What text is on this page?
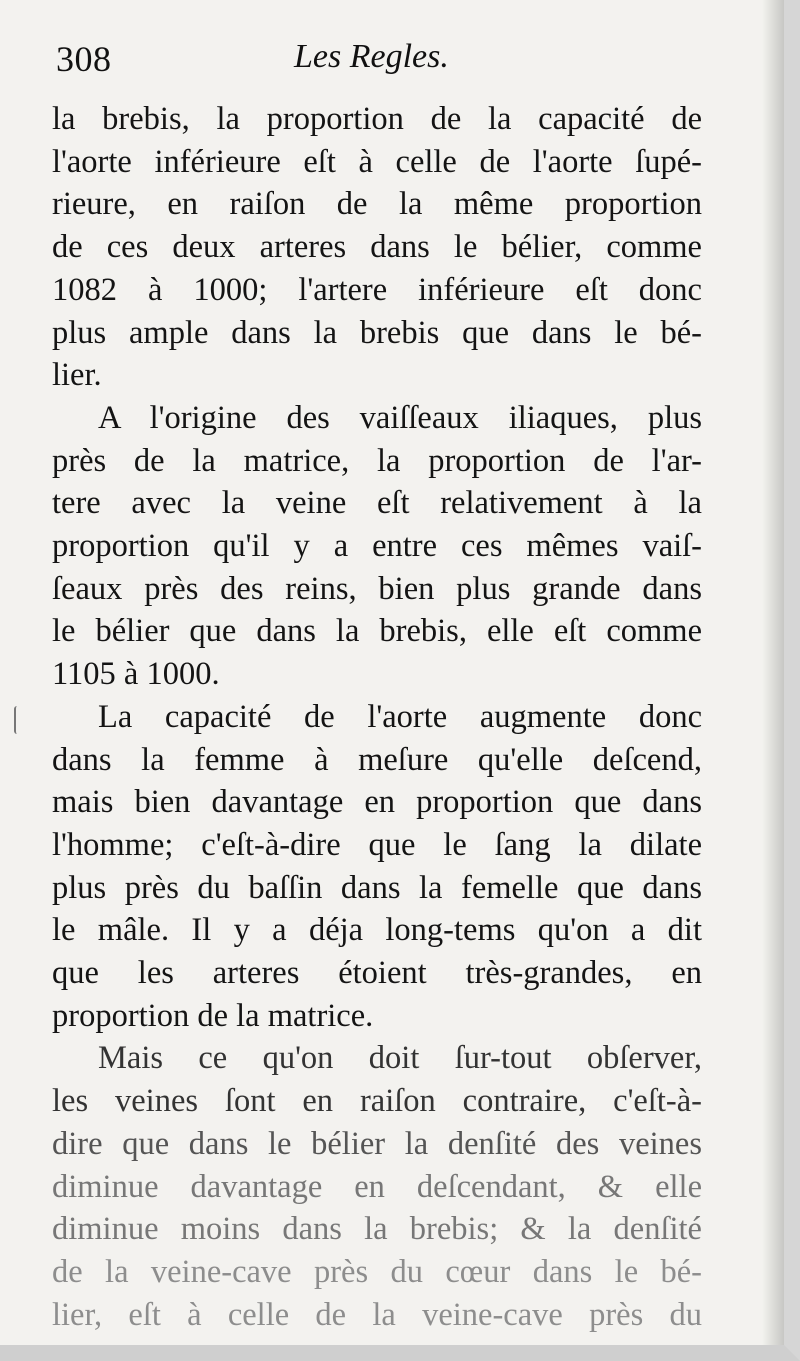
308	Les Regles.
la brebis, la proportion de la capacité de
l'aorte inférieure eſt à celle de l'aorte ſupé-
rieure, en raiſon de la même proportion
de ces deux arteres dans le bélier, comme
1082 à 1000; l'artere inférieure eſt donc
plus ample dans la brebis que dans le bé-
lier.
A l'origine des vaiſſeaux iliaques, plus
près de la matrice, la proportion de l'ar-
tere avec la veine eſt relativement à la
proportion qu'il y a entre ces mêmes vaiſ-
ſeaux près des reins, bien plus grande dans
le bélier que dans la brebis, elle eſt comme
1105 à 1000.
La capacité de l'aorte augmente donc
dans la femme à meſure qu'elle deſcend,
mais bien davantage en proportion que dans
l'homme; c'eſt-à-dire que le ſang la dilate
plus près du baſſin dans la femelle que dans
le mâle. Il y a déja long-tems qu'on a dit
que les arteres étoient très-grandes, en
proportion de la matrice.
Mais ce qu'on doit ſur-tout obſerver,
les veines ſont en raiſon contraire, c'eſt-à-
dire que dans le bélier la denſité des veines
diminue davantage en deſcendant, & elle
diminue moins dans la brebis; & la denſité
de la veine-cave près du cœur dans le bé-
lier, eſt à celle de la veine-cave près du
